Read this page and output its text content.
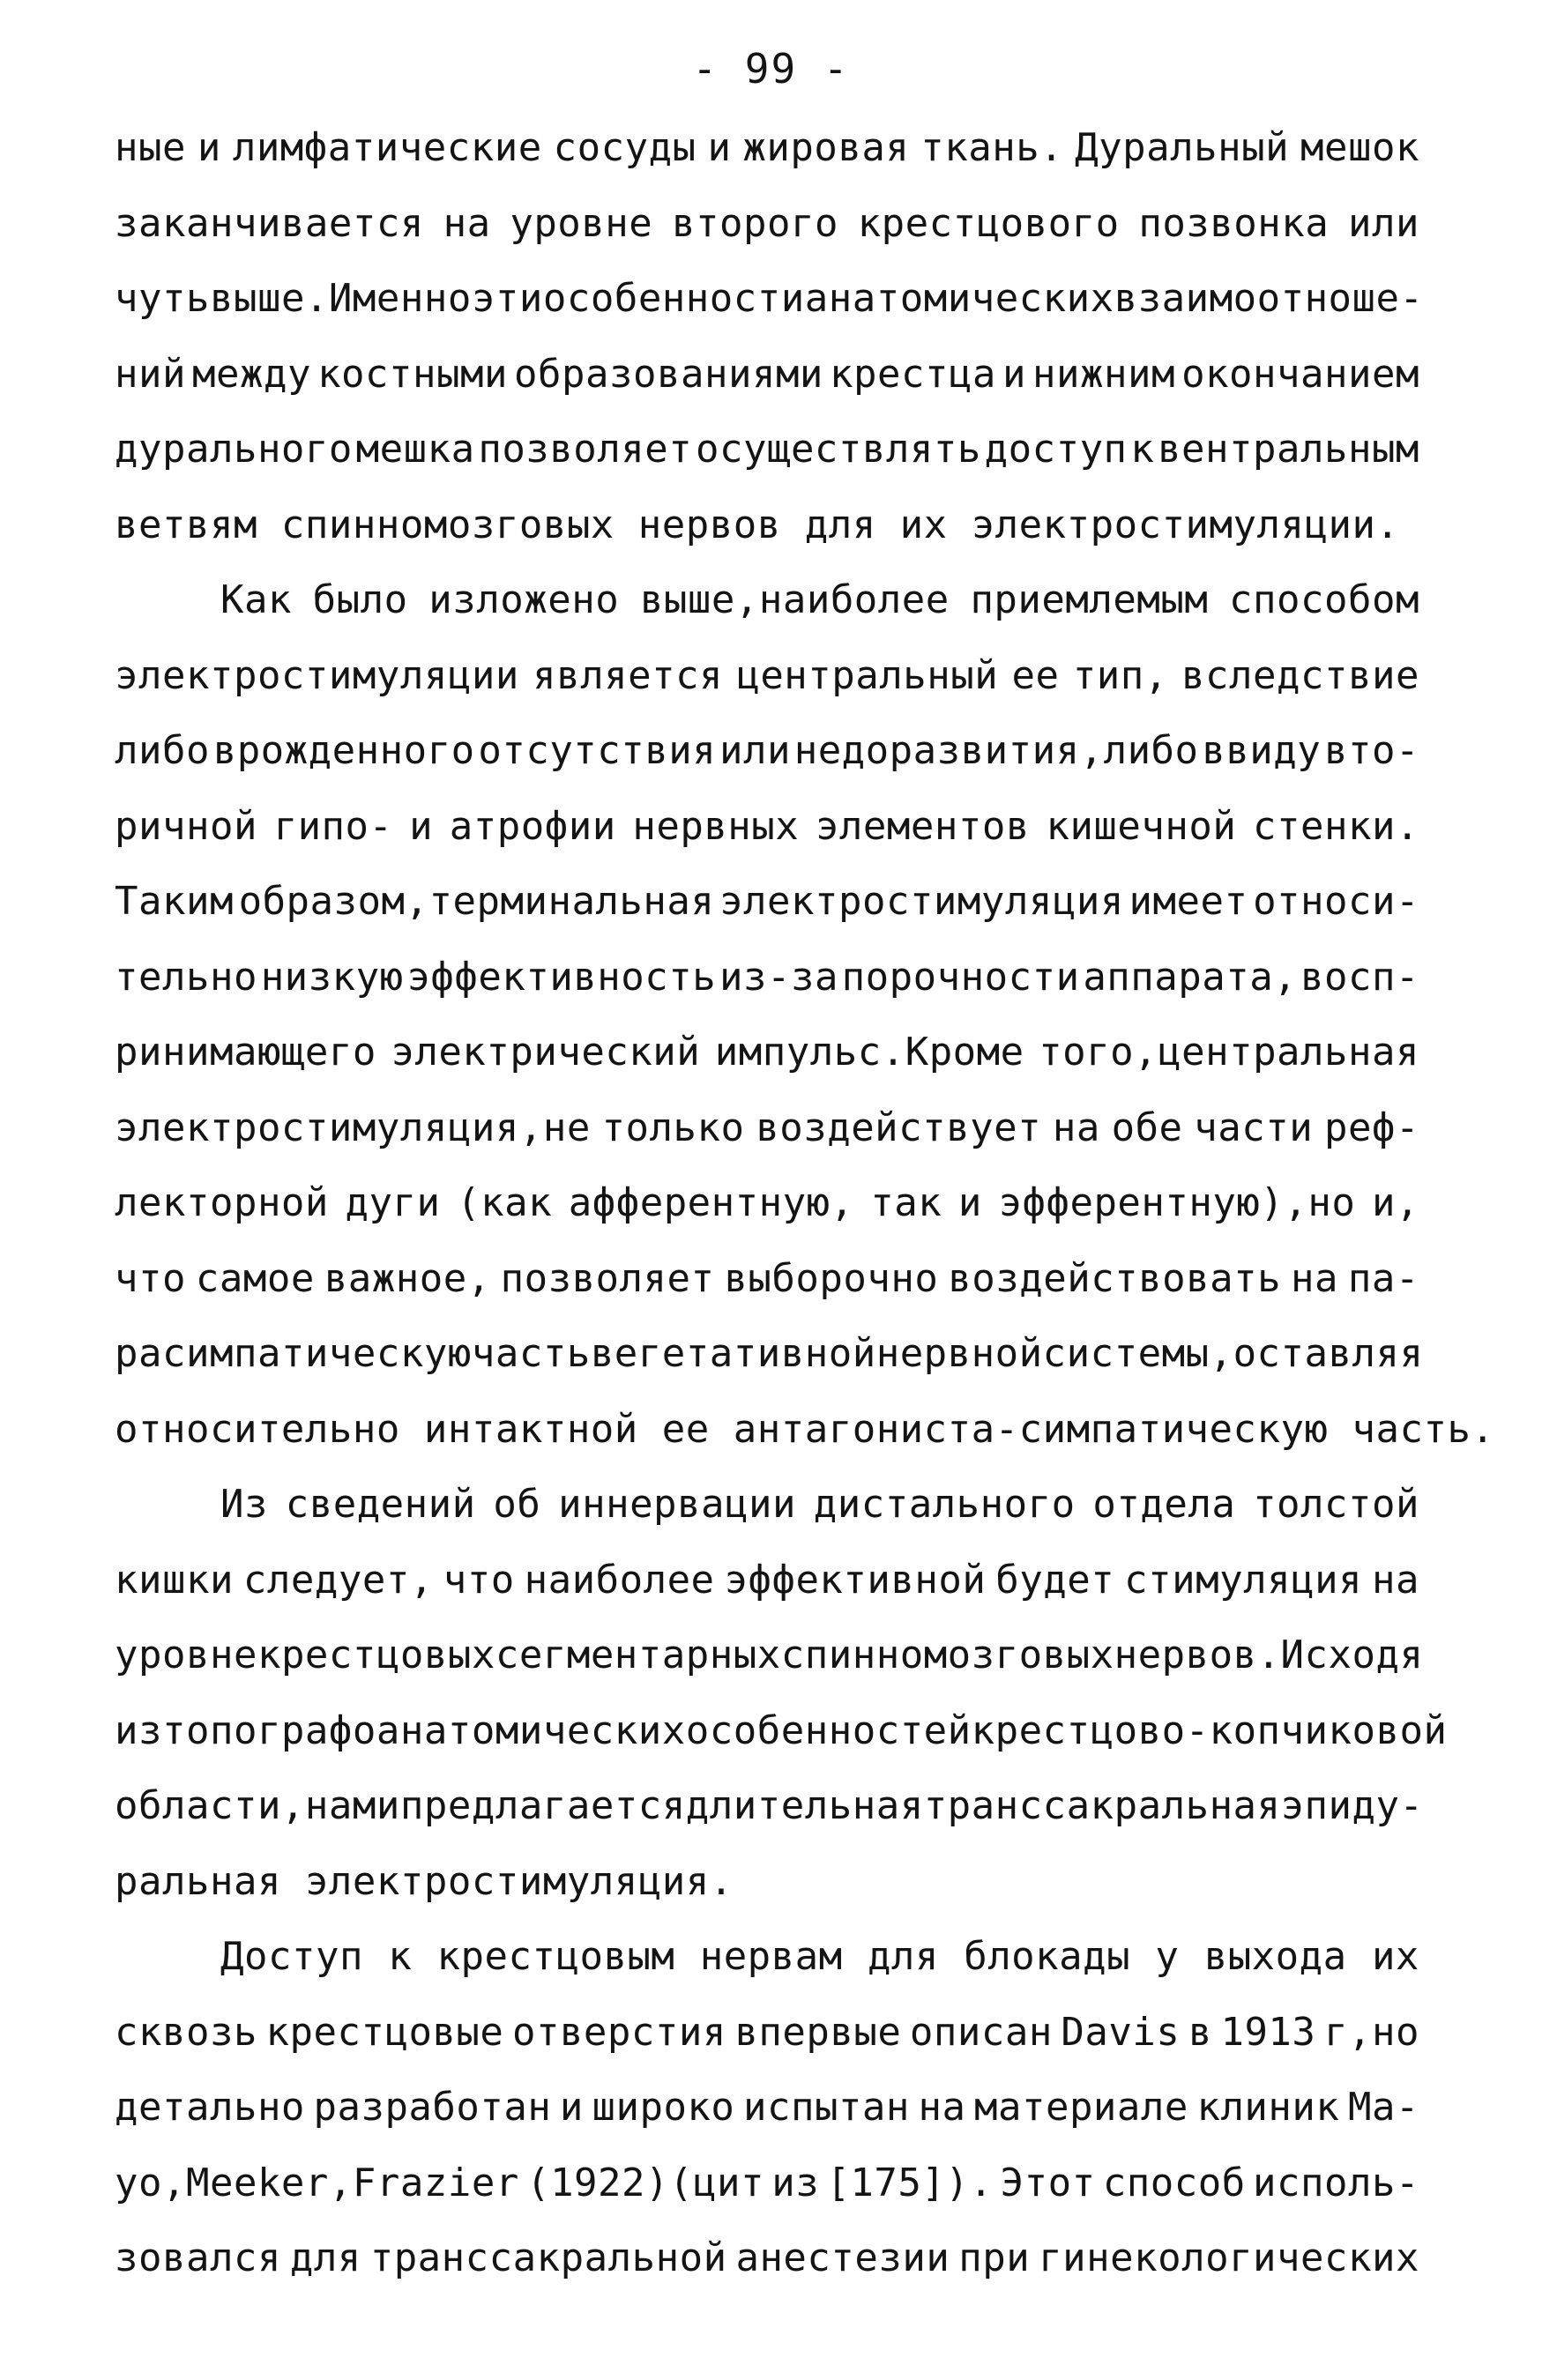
- 99 -
ные и лимфатические сосуды и жировая ткань. Дуральный мешок
заканчивается на уровне второго крестцового позвонка или
чуть выше.Именно эти особенности анатомических взаимоотноше-
ний между костными образованиями крестца и нижним окончанием
дурального мешка позволяет осуществлять доступ к вентральным
ветвям спинномозговых нервов для их электростимуляции.
Как было изложено выше,наиболее приемлемым способом
электростимуляции является центральный ее тип, вследствие
либо врожденного отсутствия или недоразвития,либо ввиду вто-
ричной гипо- и атрофии нервных элементов кишечной стенки.
Таким образом,терминальная электростимуляция имеет относи-
тельно низкую эффективность из-за порочности аппарата, восп-
ринимающего электрический импульс.Кроме того,центральная
электростимуляция,не только воздействует на обе части реф-
лекторной дуги (как афферентную, так и эфферентную),но и,
что самое важное, позволяет выборочно воздействовать на па-
расимпатическую часть вегетативной нервной системы,оставляя
относительно интактной ее антагониста-симпатическую часть.
Из сведений об иннервации дистального отдела толстой
кишки следует, что наиболее эффективной будет стимуляция на
уровне крестцовых сегментарных спинномозговых нервов.Исходя
из топографоанатомических особенностей крестцово-копчиковой
области, нами предлагается длительная транссакральная эпиду-
ральная электростимуляция.
Доступ к крестцовым нервам для блокады у выхода их
сквозь крестцовые отверстия впервые описан Davis в 1913 г,но
детально разработан и широко испытан на материале клиник Ма-
уо,Meeker,Frazier (1922)(цит из [175]). Этот способ исполь-
зовался для транссакральной анестезии при гинекологических
